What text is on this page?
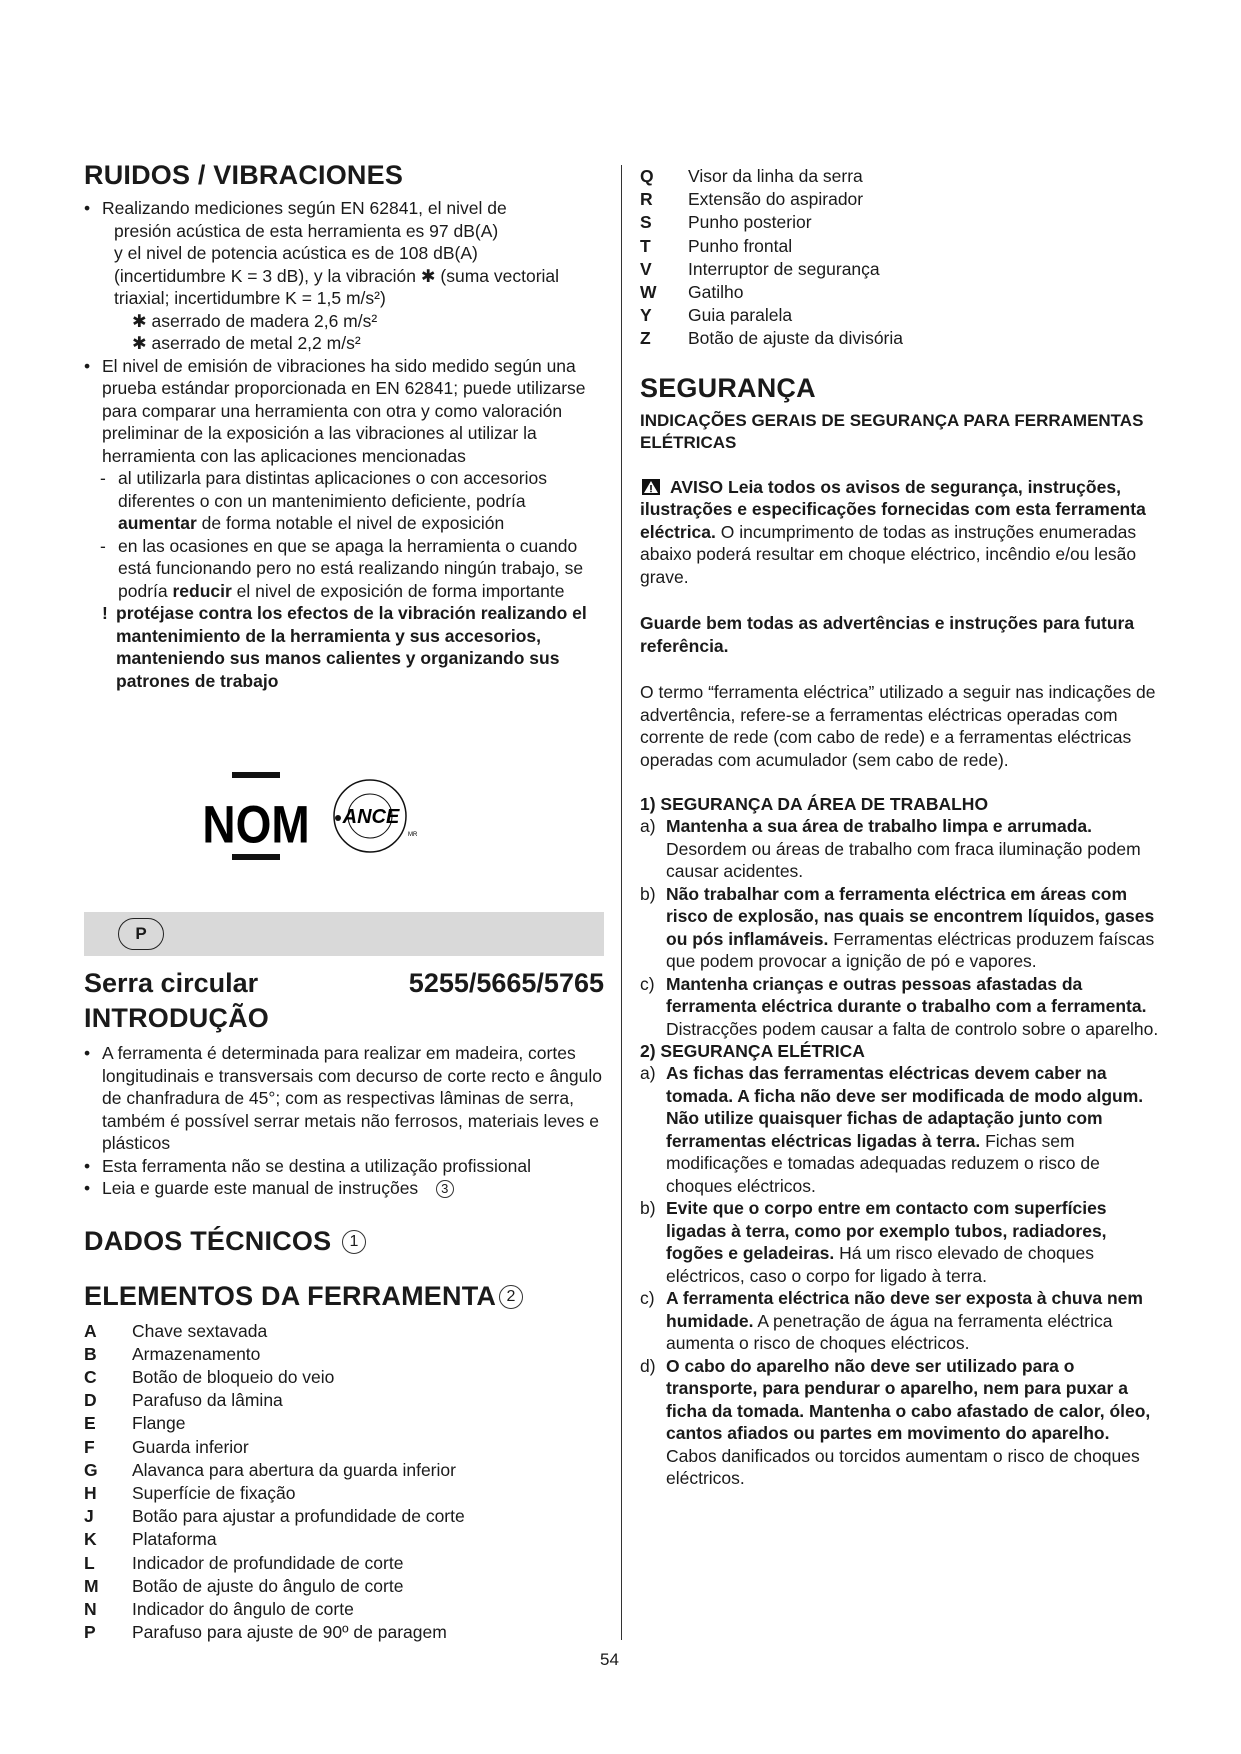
RUIDOS / VIBRACIONES
• Realizando mediciones según EN 62841, el nivel de
presión acústica de esta herramienta es 97 dB(A)
y el nivel de potencia acústica es de 108 dB(A)
(incertidumbre K = 3 dB), y la vibración ✱ (suma vectorial
triaxial; incertidumbre K = 1,5 m/s²)
✱ aserrado de madera 2,6 m/s²
✱ aserrado de metal 2,2 m/s²
• El nivel de emisión de vibraciones ha sido medido según una prueba estándar proporcionada en EN 62841; puede utilizarse para comparar una herramienta con otra y como valoración preliminar de la exposición a las vibraciones al utilizar la herramienta con las aplicaciones mencionadas
- al utilizarla para distintas aplicaciones o con accesorios diferentes o con un mantenimiento deficiente, podría aumentar de forma notable el nivel de exposición
- en las ocasiones en que se apaga la herramienta o cuando está funcionando pero no está realizando ningún trabajo, se podría reducir el nivel de exposición de forma importante
! protéjase contra los efectos de la vibración realizando el mantenimiento de la herramienta y sus accesorios, manteniendo sus manos calientes y organizando sus patrones de trabajo
NOM ANCE
MR
P
Serra circular	5255/5665/5765
INTRODUÇÃO
• A ferramenta é determinada para realizar em madeira, cortes longitudinais e transversais com decurso de corte recto e ângulo de chanfradura de 45°; com as respectivas lâminas de serra, também é possível serrar metais não ferrosos, materiais leves e plásticos
• Esta ferramenta não se destina a utilização profissional
• Leia e guarde este manual de instruções 3
DADOS TÉCNICOS 1
ELEMENTOS DA FERRAMENTA 2
A	Chave sextavada
B	Armazenamento
C	Botão de bloqueio do veio
D	Parafuso da lâmina
E	Flange
F	Guarda inferior
G	Alavanca para abertura da guarda inferior
H	Superfície de fixação
J	Botão para ajustar a profundidade de corte
K	Plataforma
L	Indicador de profundidade de corte
M	Botão de ajuste do ângulo de corte
N	Indicador do ângulo de corte
P	Parafuso para ajuste de 90º de paragem
Q	Visor da linha da serra
R	Extensão do aspirador
S	Punho posterior
T	Punho frontal
V	Interruptor de segurança
W	Gatilho
Y	Guia paralela
Z	Botão de ajuste da divisória
SEGURANÇA
INDICAÇÕES GERAIS DE SEGURANÇA PARA FERRAMENTAS ELÉTRICAS

AVISO Leia todos os avisos de segurança, instruções, ilustrações e especificações fornecidas com esta ferramenta eléctrica. O incumprimento de todas as instruções enumeradas abaixo poderá resultar em choque eléctrico, incêndio e/ou lesão grave.

Guarde bem todas as advertências e instruções para futura referência.

O termo “ferramenta eléctrica” utilizado a seguir nas indicações de advertência, refere-se a ferramentas eléctricas operadas com corrente de rede (com cabo de rede) e a ferramentas eléctricas operadas com acumulador (sem cabo de rede).

1) SEGURANÇA DA ÁREA DE TRABALHO

a) Mantenha a sua área de trabalho limpa e arrumada. Desordem ou áreas de trabalho com fraca iluminação podem causar acidentes.

b) Não trabalhar com a ferramenta eléctrica em áreas com risco de explosão, nas quais se encontrem líquidos, gases ou pós inflamáveis. Ferramentas eléctricas produzem faíscas que podem provocar a ignição de pó e vapores.

c) Mantenha crianças e outras pessoas afastadas da ferramenta eléctrica durante o trabalho com a ferramenta. Distracções podem causar a falta de controlo sobre o aparelho.

2) SEGURANÇA ELÉTRICA

a) As fichas das ferramentas eléctricas devem caber na tomada. A ficha não deve ser modificada de modo algum. Não utilize quaisquer fichas de adaptação junto com ferramentas eléctricas ligadas à terra. Fichas sem modificações e tomadas adequadas reduzem o risco de choques eléctricos.

b) Evite que o corpo entre em contacto com superfícies ligadas à terra, como por exemplo tubos, radiadores, fogões e geladeiras. Há um risco elevado de choques eléctricos, caso o corpo for ligado à terra.

c) A ferramenta eléctrica não deve ser exposta à chuva nem humidade. A penetração de água na ferramenta eléctrica aumenta o risco de choques eléctricos.

d) O cabo do aparelho não deve ser utilizado para o transporte, para pendurar o aparelho, nem para puxar a ficha da tomada. Mantenha o cabo afastado de calor, óleo, cantos afiados ou partes em movimento do aparelho. Cabos danificados ou torcidos aumentam o risco de choques eléctricos.

54
